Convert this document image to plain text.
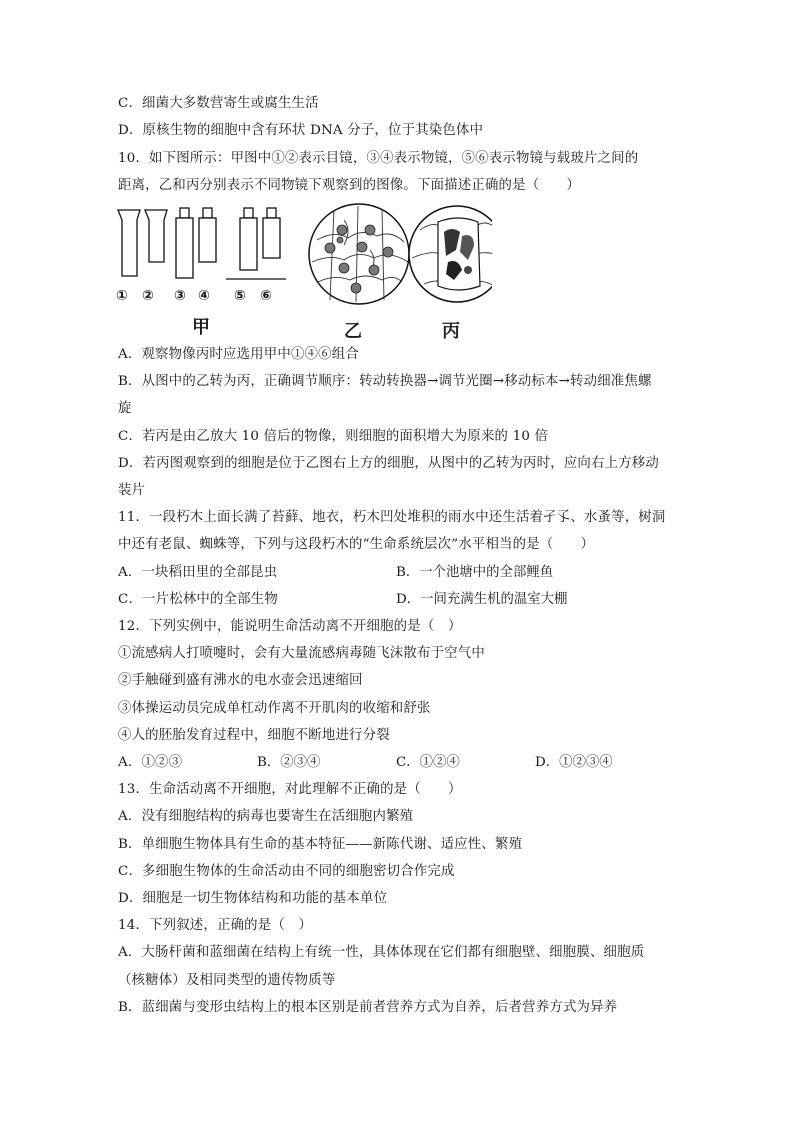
C．细菌大多数营寄生或腐生生活
D．原核生物的细胞中含有环状 DNA 分子，位于其染色体中
10．如下图所示：甲图中①②表示目镜，③④表示物镜，⑤⑥表示物镜与载玻片之间的
距离，乙和丙分别表示不同物镜下观察到的图像。下面描述正确的是（　　）
① ② ③ ④ ⑤ ⑥
甲	乙	丙
A．观察物像丙时应选用甲中①④⑥组合
B．从图中的乙转为丙，正确调节顺序：转动转换器→调节光圈→移动标本→转动细准焦螺
旋
C．若丙是由乙放大 10 倍后的物像，则细胞的面积增大为原来的 10 倍
D．若丙图观察到的细胞是位于乙图右上方的细胞，从图中的乙转为丙时，应向右上方移动
装片
11．一段朽木上面长满了苔藓、地衣，朽木凹处堆积的雨水中还生活着孑孓、水蚤等，树洞
中还有老鼠、蜘蛛等，下列与这段朽木的“生命系统层次”水平相当的是（　　）
A．一块稻田里的全部昆虫	B．一个池塘中的全部鲤鱼
C．一片松林中的全部生物	D．一间充满生机的温室大棚
12．下列实例中，能说明生命活动离不开细胞的是（　）
①流感病人打喷嚏时，会有大量流感病毒随飞沫散布于空气中
②手触碰到盛有沸水的电水壶会迅速缩回
③体操运动员完成单杠动作离不开肌肉的收缩和舒张
④人的胚胎发育过程中，细胞不断地进行分裂
A．①②③	B．②③④	C．①②④	D．①②③④
13．生命活动离不开细胞，对此理解不正确的是（　　）
A．没有细胞结构的病毒也要寄生在活细胞内繁殖
B．单细胞生物体具有生命的基本特征——新陈代谢、适应性、繁殖
C．多细胞生物体的生命活动由不同的细胞密切合作完成
D．细胞是一切生物体结构和功能的基本单位
14．下列叙述，正确的是（　）
A．大肠杆菌和蓝细菌在结构上有统一性，具体体现在它们都有细胞壁、细胞膜、细胞质
（核糖体）及相同类型的遗传物质等
B．蓝细菌与变形虫结构上的根本区别是前者营养方式为自养，后者营养方式为异养
